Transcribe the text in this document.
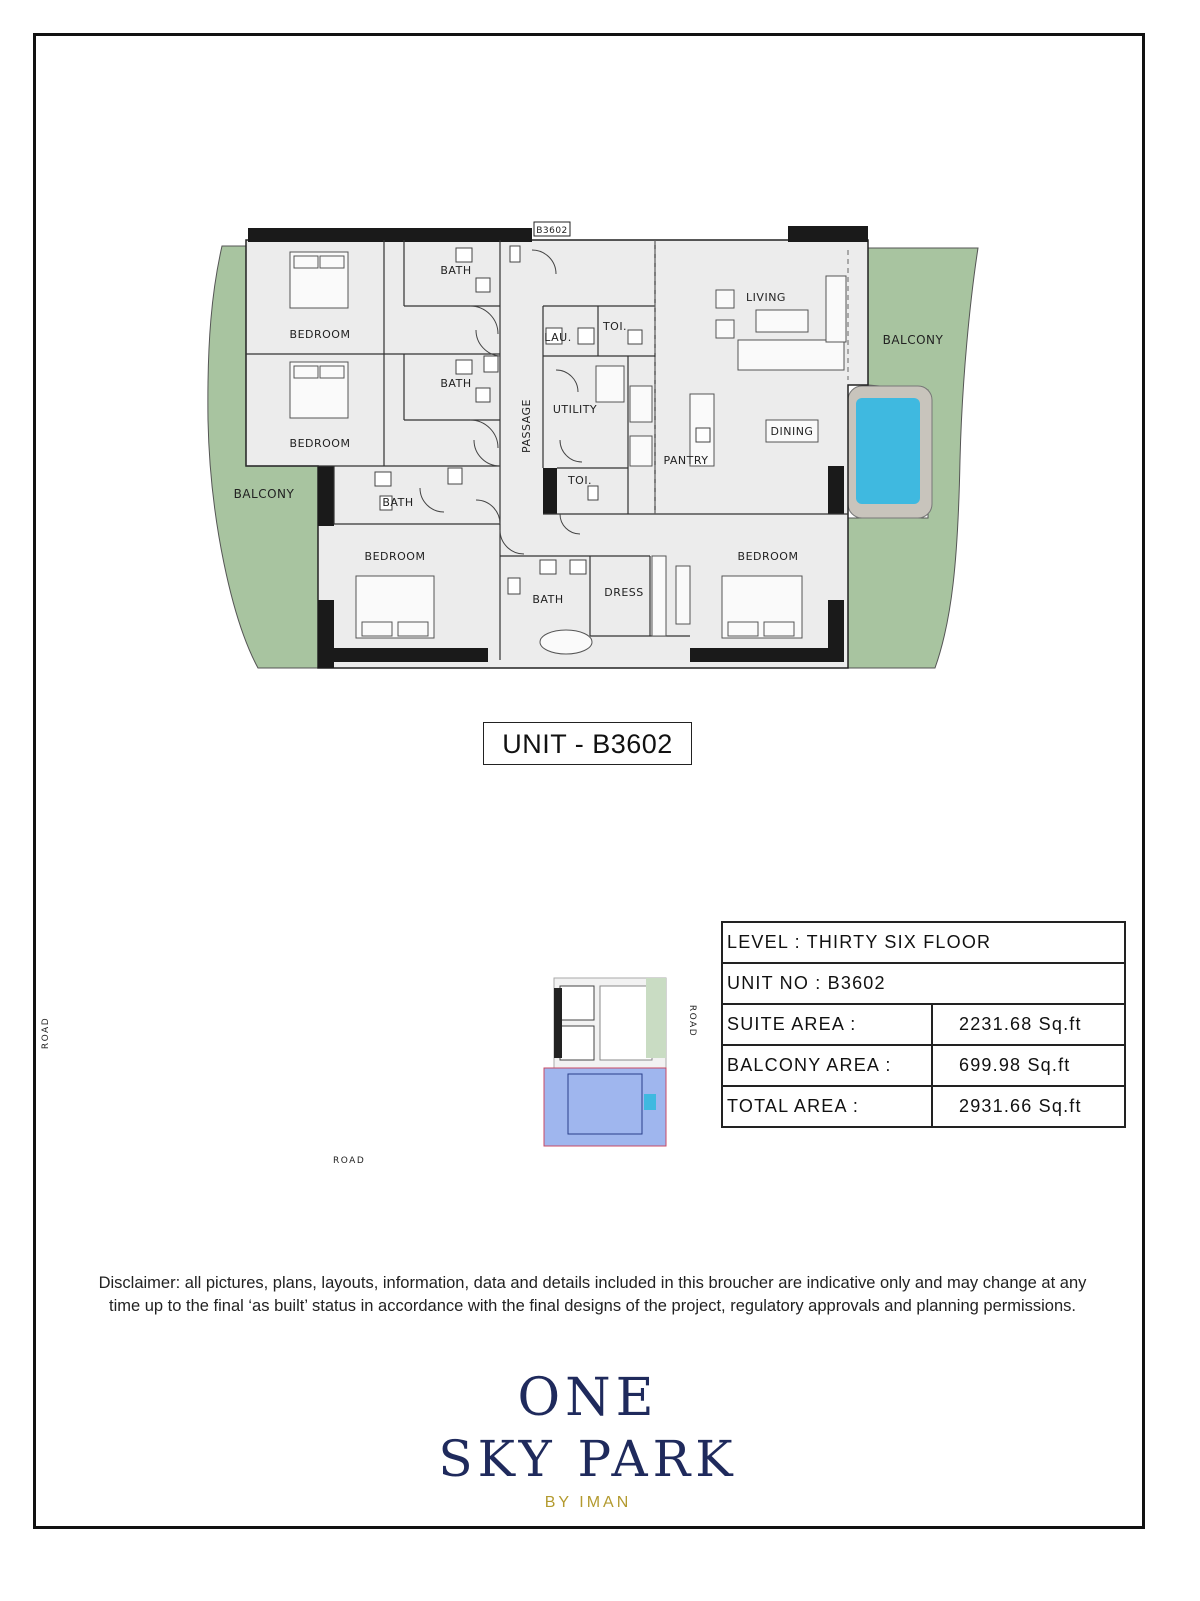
B3602
BEDROOM
BEDROOM
BEDROOM	BEDROOM
BATH
BATH
BATH
BATH
LAU.
TOI.
TOI.
UTILITY
PASSAGE
LIVING
DINING
PANTRY
DRESS
BALCONY
BALCONY
UNIT - B3602
ROAD	ROAD
ROAD
LEVEL : THIRTY SIX FLOOR	
UNIT NO : B3602	
SUITE AREA :	2231.68 Sq.ft
BALCONY AREA :	699.98 Sq.ft
TOTAL AREA :	2931.66 Sq.ft
Disclaimer: all pictures, plans, layouts, information, data and details included in this broucher are indicative only and may change at any time up to the final ‘as built’ status in accordance with the final designs of the project, regulatory approvals and planning permissions.
ONE
SKY PARK
BY IMAN
